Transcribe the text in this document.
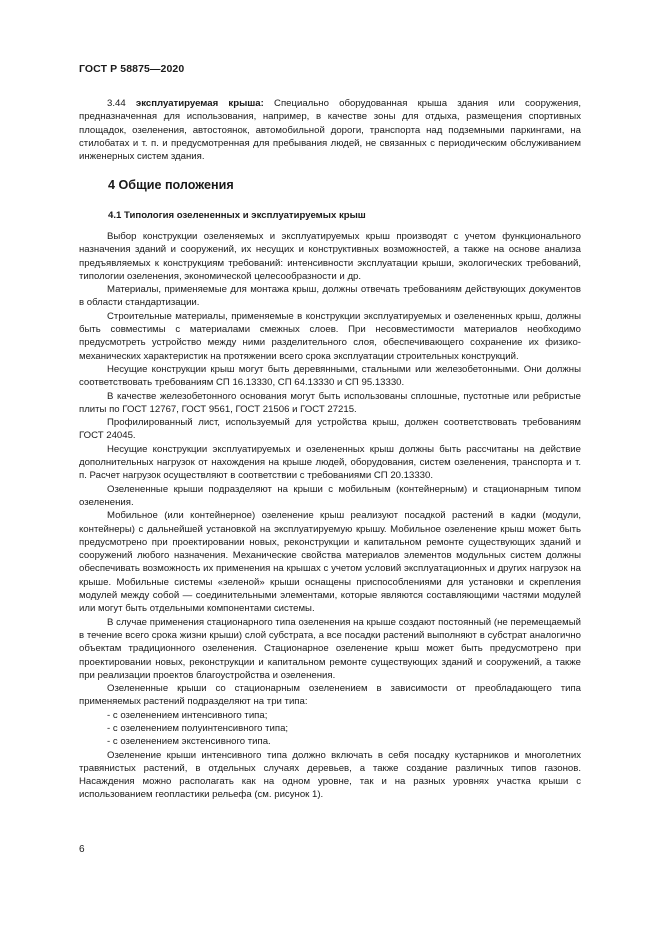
ГОСТ Р 58875—2020

3.44 эксплуатируемая крыша: Специально оборудованная крыша здания или сооружения, предназначенная для использования, например, в качестве зоны для отдыха, размещения спортивных площадок, озеленения, автостоянок, автомобильной дороги, транспорта над подземными паркингами, на стилобатах и т. п. и предусмотренная для пребывания людей, не связанных с периодическим обслуживанием инженерных систем здания.

4 Общие положения
4.1 Типология озелененных и эксплуатируемых крыш

Выбор конструкции озеленяемых и эксплуатируемых крыш производят с учетом функционального назначения зданий и сооружений, их несущих и конструктивных возможностей, а также на основе анализа предъявляемых к конструкциям требований: интенсивности эксплуатации крыши, экологических требований, типологии озеленения, экономической целесообразности и др.

Материалы, применяемые для монтажа крыш, должны отвечать требованиям действующих документов в области стандартизации.

Строительные материалы, применяемые в конструкции эксплуатируемых и озелененных крыш, должны быть совместимы с материалами смежных слоев. При несовместимости материалов необходимо предусмотреть устройство между ними разделительного слоя, обеспечивающего сохранение их физико-механических характеристик на протяжении всего срока эксплуатации строительных конструкций.

Несущие конструкции крыш могут быть деревянными, стальными или железобетонными. Они должны соответствовать требованиям СП 16.13330, СП 64.13330 и СП 95.13330.

В качестве железобетонного основания могут быть использованы сплошные, пустотные или ребристые плиты по ГОСТ 12767, ГОСТ 9561, ГОСТ 21506 и ГОСТ 27215.

Профилированный лист, используемый для устройства крыш, должен соответствовать требованиям ГОСТ 24045.

Несущие конструкции эксплуатируемых и озелененных крыш должны быть рассчитаны на действие дополнительных нагрузок от нахождения на крыше людей, оборудования, систем озеленения, транспорта и т. п. Расчет нагрузок осуществляют в соответствии с требованиями СП 20.13330.

Озелененные крыши подразделяют на крыши с мобильным (контейнерным) и стационарным типом озеленения.

Мобильное (или контейнерное) озеленение крыш реализуют посадкой растений в кадки (модули, контейнеры) с дальнейшей установкой на эксплуатируемую крышу. Мобильное озеленение крыш может быть предусмотрено при проектировании новых, реконструкции и капитальном ремонте существующих зданий и сооружений любого назначения. Механические свойства материалов элементов модульных систем должны обеспечивать возможность их применения на крышах с учетом условий эксплуатационных и других нагрузок на крыше. Мобильные системы «зеленой» крыши оснащены приспособлениями для установки и скрепления модулей между собой — соединительными элементами, которые являются составляющими частями модулей или могут быть отдельными компонентами системы.

В случае применения стационарного типа озеленения на крыше создают постоянный (не перемещаемый в течение всего срока жизни крыши) слой субстрата, а все посадки растений выполняют в субстрат аналогично объектам традиционного озеленения. Стационарное озеленение крыш может быть предусмотрено при проектировании новых, реконструкции и капитальном ремонте существующих зданий и сооружений, а также при реализации проектов благоустройства и озеленения.

Озелененные крыши со стационарным озеленением в зависимости от преобладающего типа применяемых растений подразделяют на три типа:

- с озеленением интенсивного типа;

- с озеленением полуинтенсивного типа;

- с озеленением экстенсивного типа.

Озеленение крыши интенсивного типа должно включать в себя посадку кустарников и многолетних травянистых растений, в отдельных случаях деревьев, а также создание различных типов газонов. Насаждения можно располагать как на одном уровне, так и на разных уровнях участка крыши с использованием геопластики рельефа (см. рисунок 1).

6
